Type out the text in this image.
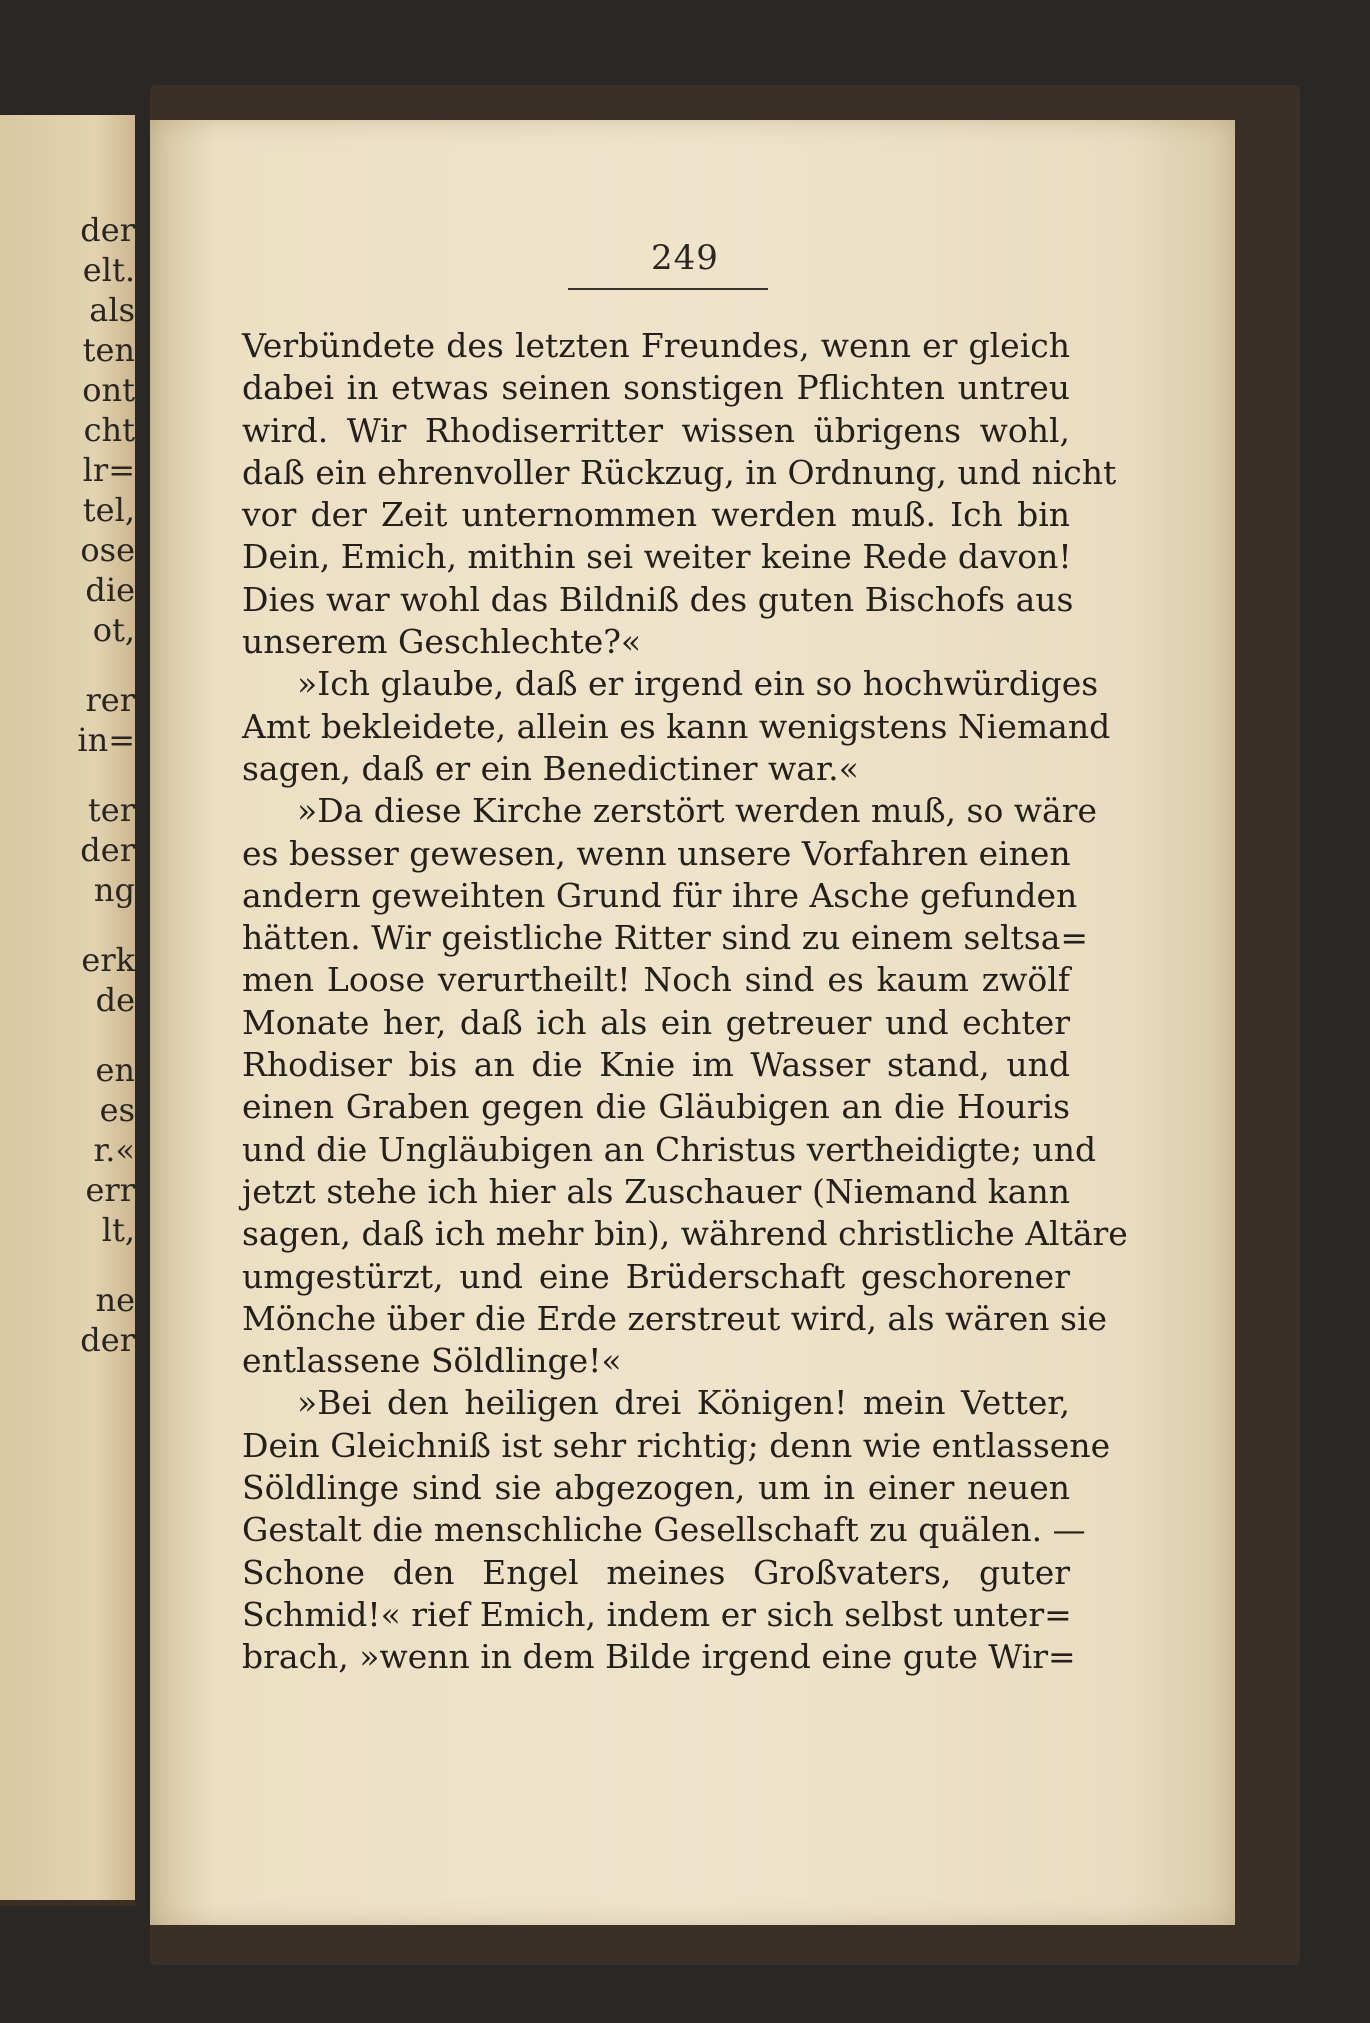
der
elt.
als
ten
ont
cht
lr=
tel,
ose
die
ot,
rer
in=
ter
der
ng
erk
de
en
es
r.«
err
lt,
ne
der
249
Verbündete des letzten Freundes, wenn er gleich
dabei in etwas seinen sonstigen Pflichten untreu
wird. Wir Rhodiserritter wissen übrigens wohl,
daß ein ehrenvoller Rückzug, in Ordnung, und nicht
vor der Zeit unternommen werden muß. Ich bin
Dein, Emich, mithin sei weiter keine Rede davon!
Dies war wohl das Bildniß des guten Bischofs aus
unserem Geschlechte?«
»Ich glaube, daß er irgend ein so hochwürdiges
Amt bekleidete, allein es kann wenigstens Niemand
sagen, daß er ein Benedictiner war.«
»Da diese Kirche zerstört werden muß, so wäre
es besser gewesen, wenn unsere Vorfahren einen
andern geweihten Grund für ihre Asche gefunden
hätten. Wir geistliche Ritter sind zu einem seltsa=
men Loose verurtheilt! Noch sind es kaum zwölf
Monate her, daß ich als ein getreuer und echter
Rhodiser bis an die Knie im Wasser stand, und
einen Graben gegen die Gläubigen an die Houris
und die Ungläubigen an Christus vertheidigte; und
jetzt stehe ich hier als Zuschauer (Niemand kann
sagen, daß ich mehr bin), während christliche Altäre
umgestürzt, und eine Brüderschaft geschorener
Mönche über die Erde zerstreut wird, als wären sie
entlassene Söldlinge!«
»Bei den heiligen drei Königen! mein Vetter,
Dein Gleichniß ist sehr richtig; denn wie entlassene
Söldlinge sind sie abgezogen, um in einer neuen
Gestalt die menschliche Gesellschaft zu quälen. —
Schone den Engel meines Großvaters, guter
Schmid!« rief Emich, indem er sich selbst unter=
brach, »wenn in dem Bilde irgend eine gute Wir=
